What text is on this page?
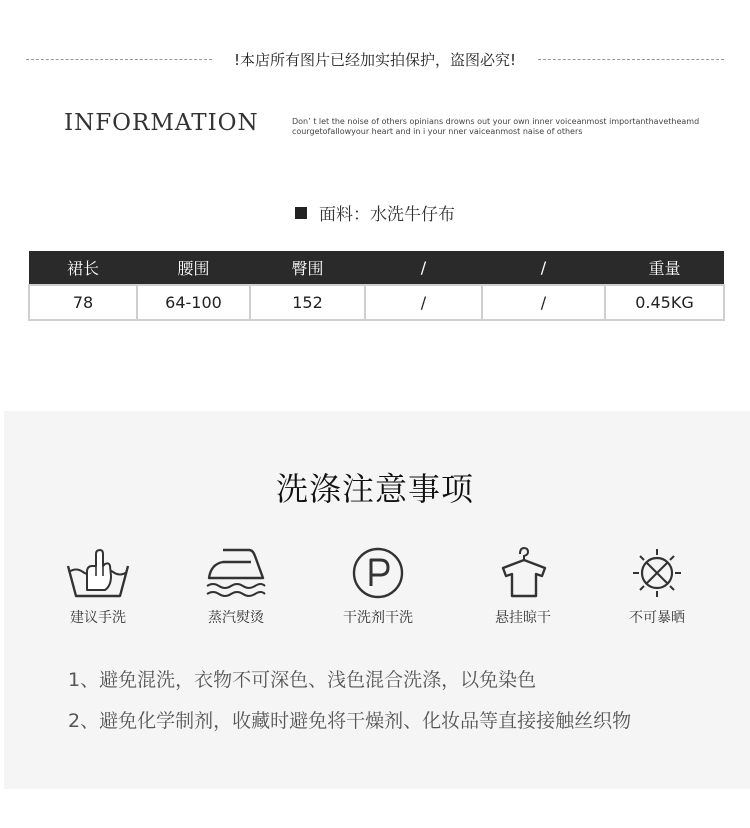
!本店所有图片已经加实拍保护，盗图必究!
INFORMATION	Don’ t let the noise of others opinians drowns out your own inner voiceanmost importanthavetheamd
courgetofallowyour heart and in i your nner vaiceanmost naise of others
面料：水洗牛仔布
裙长	腰围	臀围	/	/	重量
78	64-100	152	/	/	0.45KG
洗涤注意事项
建议手洗	蒸汽熨烫	干洗剂干洗	悬挂晾干	不可暴晒
1、避免混洗，衣物不可深色、浅色混合洗涤，以免染色
2、避免化学制剂，收藏时避免将干燥剂、化妆品等直接接触丝织物
